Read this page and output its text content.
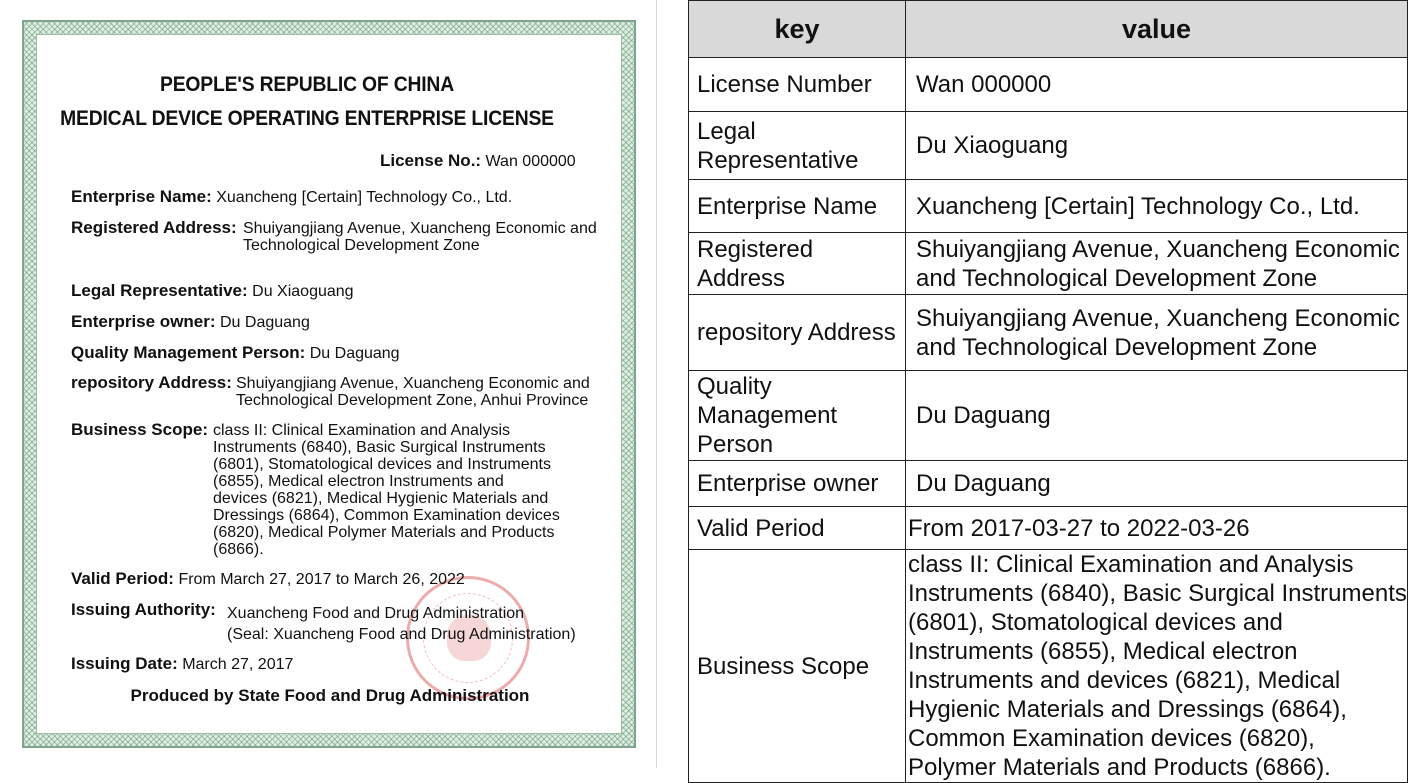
PEOPLE'S REPUBLIC OF CHINA
MEDICAL DEVICE OPERATING ENTERPRISE LICENSE
License No.: Wan 000000
Enterprise Name: Xuancheng [Certain] Technology Co., Ltd.
Registered Address: Shuiyangjiang Avenue, Xuancheng Economic and
Technological Development Zone
Legal Representative: Du Xiaoguang
Enterprise owner: Du Daguang
Quality Management Person: Du Daguang
repository Address: Shuiyangjiang Avenue, Xuancheng Economic and
Technological Development Zone, Anhui Province
Business Scope: class II: Clinical Examination and Analysis
Instruments (6840), Basic Surgical Instruments
(6801), Stomatological devices and Instruments
(6855), Medical electron Instruments and
devices (6821), Medical Hygienic Materials and
Dressings (6864), Common Examination devices
(6820), Medical Polymer Materials and Products
(6866).
Valid Period: From March 27, 2017 to March 26, 2022
Issuing Authority: Xuancheng Food and Drug Administration
(Seal: Xuancheng Food and Drug Administration)
Issuing Date: March 27, 2017
Produced by State Food and Drug Administration
key	value
License Number	Wan 000000
Legal Representative	Du Xiaoguang
Enterprise Name	Xuancheng [Certain] Technology Co., Ltd.
Registered Address	Shuiyangjiang Avenue, Xuancheng Economic and Technological Development Zone
repository Address	Shuiyangjiang Avenue, Xuancheng Economic and Technological Development Zone
Quality Management Person	Du Daguang
Enterprise owner	Du Daguang
Valid Period	From 2017-03-27 to 2022-03-26
Business Scope	class II: Clinical Examination and Analysis Instruments (6840), Basic Surgical Instruments (6801), Stomatological devices and Instruments (6855), Medical electron Instruments and devices (6821), Medical Hygienic Materials and Dressings (6864), Common Examination devices (6820), Polymer Materials and Products (6866).
